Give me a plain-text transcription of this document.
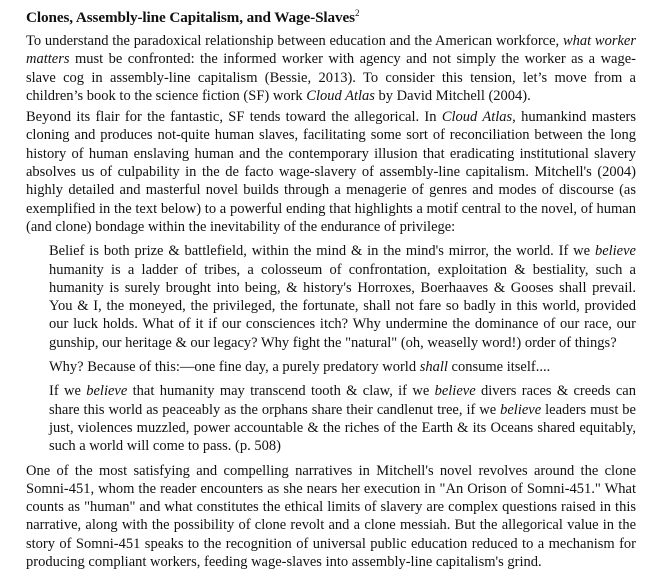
Clones, Assembly-line Capitalism, and Wage-Slaves$^2$

To understand the paradoxical relationship between education and the American workforce, what worker matters must be confronted: the informed worker with agency and not simply the worker as a wage-slave cog in assembly-line capitalism (Bessie, 2013). To consider this tension, let’s move from a children’s book to the science fiction (SF) work Cloud Atlas by David Mitchell (2004).

Beyond its flair for the fantastic, SF tends toward the allegorical. In Cloud Atlas, humankind masters cloning and produces not-quite human slaves, facilitating some sort of reconciliation between the long history of human enslaving human and the contemporary illusion that eradicating institutional slavery absolves us of culpability in the de facto wage-slavery of assembly-line capitalism. Mitchell's (2004) highly detailed and masterful novel builds through a menagerie of genres and modes of discourse (as exemplified in the text below) to a powerful ending that highlights a motif central to the novel, of human (and clone) bondage within the inevitability of the endurance of privilege:

Belief is both prize & battlefield, within the mind & in the mind's mirror, the world. If we believe humanity is a ladder of tribes, a colosseum of confrontation, exploitation & bestiality, such a humanity is surely brought into being, & history's Horroxes, Boerhaaves & Gooses shall prevail. You & I, the moneyed, the privileged, the fortunate, shall not fare so badly in this world, provided our luck holds. What of it if our consciences itch? Why undermine the dominance of our race, our gunship, our heritage & our legacy? Why fight the "natural" (oh, weaselly word!) order of things?
Why? Because of this:—one fine day, a purely predatory world shall consume itself....
If we believe that humanity may transcend tooth & claw, if we believe divers races & creeds can share this world as peaceably as the orphans share their candlenut tree, if we believe leaders must be just, violences muzzled, power accountable & the riches of the Earth & its Oceans shared equitably, such a world will come to pass. (p. 508)

One of the most satisfying and compelling narratives in Mitchell's novel revolves around the clone Somni-451, whom the reader encounters as she nears her execution in "An Orison of Somni-451." What counts as "human" and what constitutes the ethical limits of slavery are complex questions raised in this narrative, along with the possibility of clone revolt and a clone messiah. But the allegorical value in the story of Somni-451 speaks to the recognition of universal public education reduced to a mechanism for producing compliant workers, feeding wage-slaves into assembly-line capitalism's grind.
